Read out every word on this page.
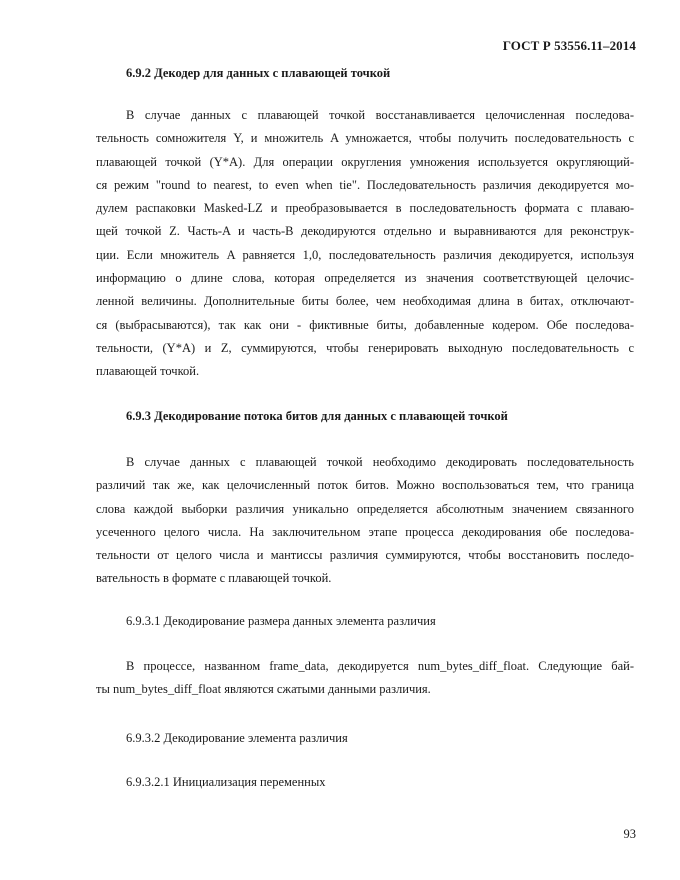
ГОСТ Р 53556.11–2014
6.9.2 Декодер для данных с плавающей точкой
В случае данных с плавающей точкой восстанавливается целочисленная последова-
тельность сомножителя Y, и множитель A умножается, чтобы получить последовательность с
плавающей точкой (Y*A). Для операции округления умножения используется округляющий-
ся режим "round to nearest, to even when tie". Последовательность различия декодируется мо-
дулем распаковки Masked-LZ и преобразовывается в последовательность формата с плаваю-
щей точкой Z. Часть-A и часть-B декодируются отдельно и выравниваются для реконструк-
ции. Если множитель A равняется 1,0, последовательность различия декодируется, используя
информацию о длине слова, которая определяется из значения соответствующей целочис-
ленной величины. Дополнительные биты более, чем необходимая длина в битах, отключают-
ся (выбрасываются), так как они - фиктивные биты, добавленные кодером. Обе последова-
тельности, (Y*A) и Z, суммируются, чтобы генерировать выходную последовательность с
плавающей точкой.
6.9.3 Декодирование потока битов для данных с плавающей точкой
В случае данных с плавающей точкой необходимо декодировать последовательность
различий так же, как целочисленный поток битов. Можно воспользоваться тем, что граница
слова каждой выборки различия уникально определяется абсолютным значением связанного
усеченного целого числа. На заключительном этапе процесса декодирования обе последова-
тельности от целого числа и мантиссы различия суммируются, чтобы восстановить последо-
вательность в формате с плавающей точкой.
6.9.3.1 Декодирование размера данных элемента различия
В процессе, названном frame_data, декодируется num_bytes_diff_float. Следующие бай-
ты num_bytes_diff_float являются сжатыми данными различия.
6.9.3.2 Декодирование элемента различия
6.9.3.2.1 Инициализация переменных
93
